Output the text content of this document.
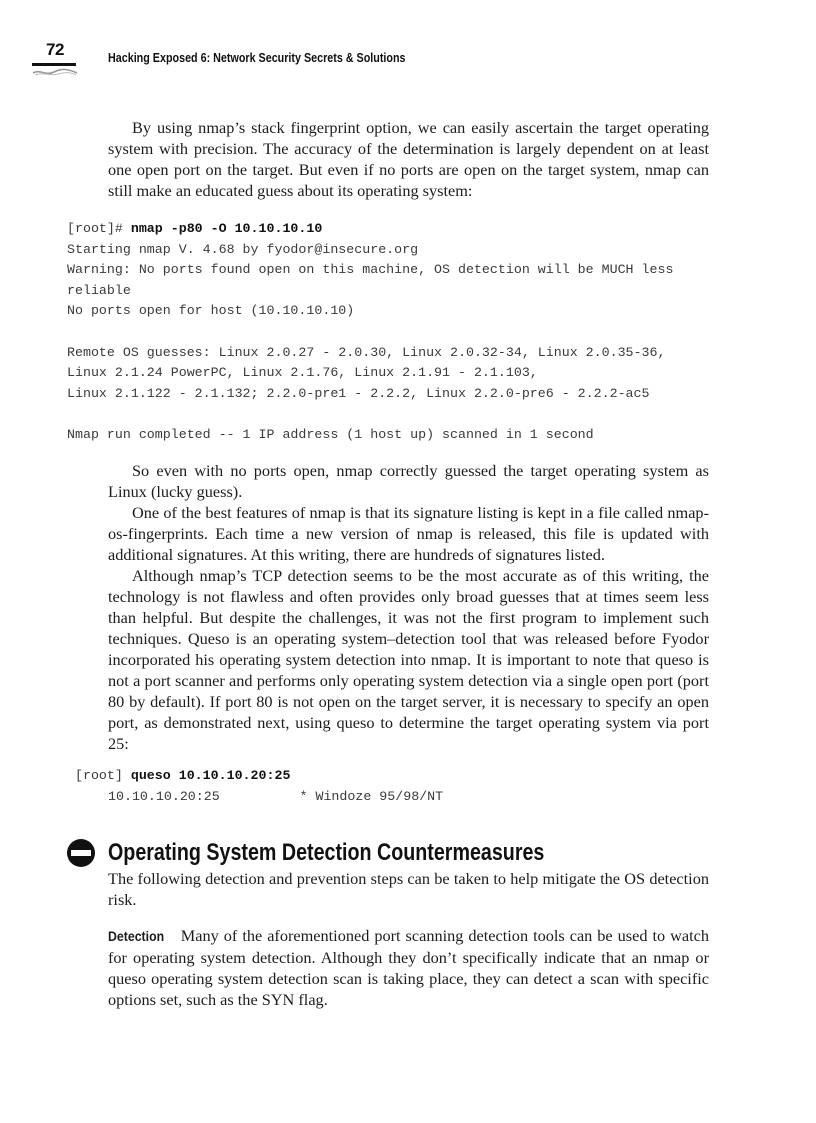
72	Hacking Exposed 6: Network Security Secrets & Solutions

By using nmap’s stack fingerprint option, we can easily ascertain the target operating system with precision. The accuracy of the determination is largely dependent on at least one open port on the target. But even if no ports are open on the target system, nmap can still make an educated guess about its operating system:

[root]# nmap -p80 -O 10.10.10.10
Starting nmap V. 4.68 by fyodor@insecure.org
Warning: No ports found open on this machine, OS detection will be MUCH less
reliable
No ports open for host (10.10.10.10)

Remote OS guesses: Linux 2.0.27 - 2.0.30, Linux 2.0.32-34, Linux 2.0.35-36,
Linux 2.1.24 PowerPC, Linux 2.1.76, Linux 2.1.91 - 2.1.103,
Linux 2.1.122 - 2.1.132; 2.2.0-pre1 - 2.2.2, Linux 2.2.0-pre6 - 2.2.2-ac5

Nmap run completed -- 1 IP address (1 host up) scanned in 1 second

So even with no ports open, nmap correctly guessed the target operating system as Linux (lucky guess).

One of the best features of nmap is that its signature listing is kept in a file called nmap-os-fingerprints. Each time a new version of nmap is released, this file is updated with additional signatures. At this writing, there are hundreds of signatures listed.

Although nmap’s TCP detection seems to be the most accurate as of this writing, the technology is not flawless and often provides only broad guesses that at times seem less than helpful. But despite the challenges, it was not the first program to implement such techniques. Queso is an operating system–detection tool that was released before Fyodor incorporated his operating system detection into nmap. It is important to note that queso is not a port scanner and performs only operating system detection via a single open port (port 80 by default). If port 80 is not open on the target server, it is necessary to specify an open port, as demonstrated next, using queso to determine the target operating system via port 25:

[root] queso 10.10.10.20:25
10.10.10.20:25          * Windoze 95/98/NT
Operating System Detection Countermeasures

The following detection and prevention steps can be taken to help mitigate the OS detection risk.

Detection Many of the aforementioned port scanning detection tools can be used to watch for operating system detection. Although they don’t specifically indicate that an nmap or queso operating system detection scan is taking place, they can detect a scan with specific options set, such as the SYN flag.
